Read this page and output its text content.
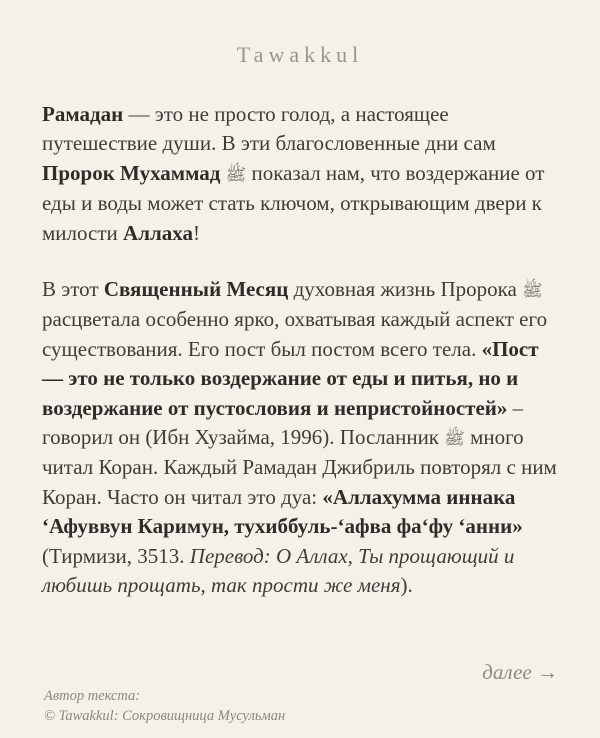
Tawakkul

Рамадан — это не просто голод, а настоящее путешествие души. В эти благословенные дни сам Пророк Мухаммад ﷺ показал нам, что воздержание от еды и воды может стать ключом, открывающим двери к милости Аллаха!

В этот Священный Месяц духовная жизнь Пророка ﷺ расцветала особенно ярко, охватывая каждый аспект его существования. Его пост был постом всего тела. «Пост — это не только воздержание от еды и питья, но и воздержание от пустословия и непристойностей» – говорил он (Ибн Хузайма, 1996). Посланник ﷺ много читал Коран. Каждый Рамадан Джибриль повторял с ним Коран. Часто он читал это дуа: «Аллахумма иннака ‘Афуввун Каримун, тухиббуль-‘афва фа‘фу ‘анни» (Тирмизи, 3513. Перевод: О Аллах, Ты прощающий и любишь прощать, так прости же меня).

далее →
Автор текста:
© Tawakkul: Сокровищница Мусульман
